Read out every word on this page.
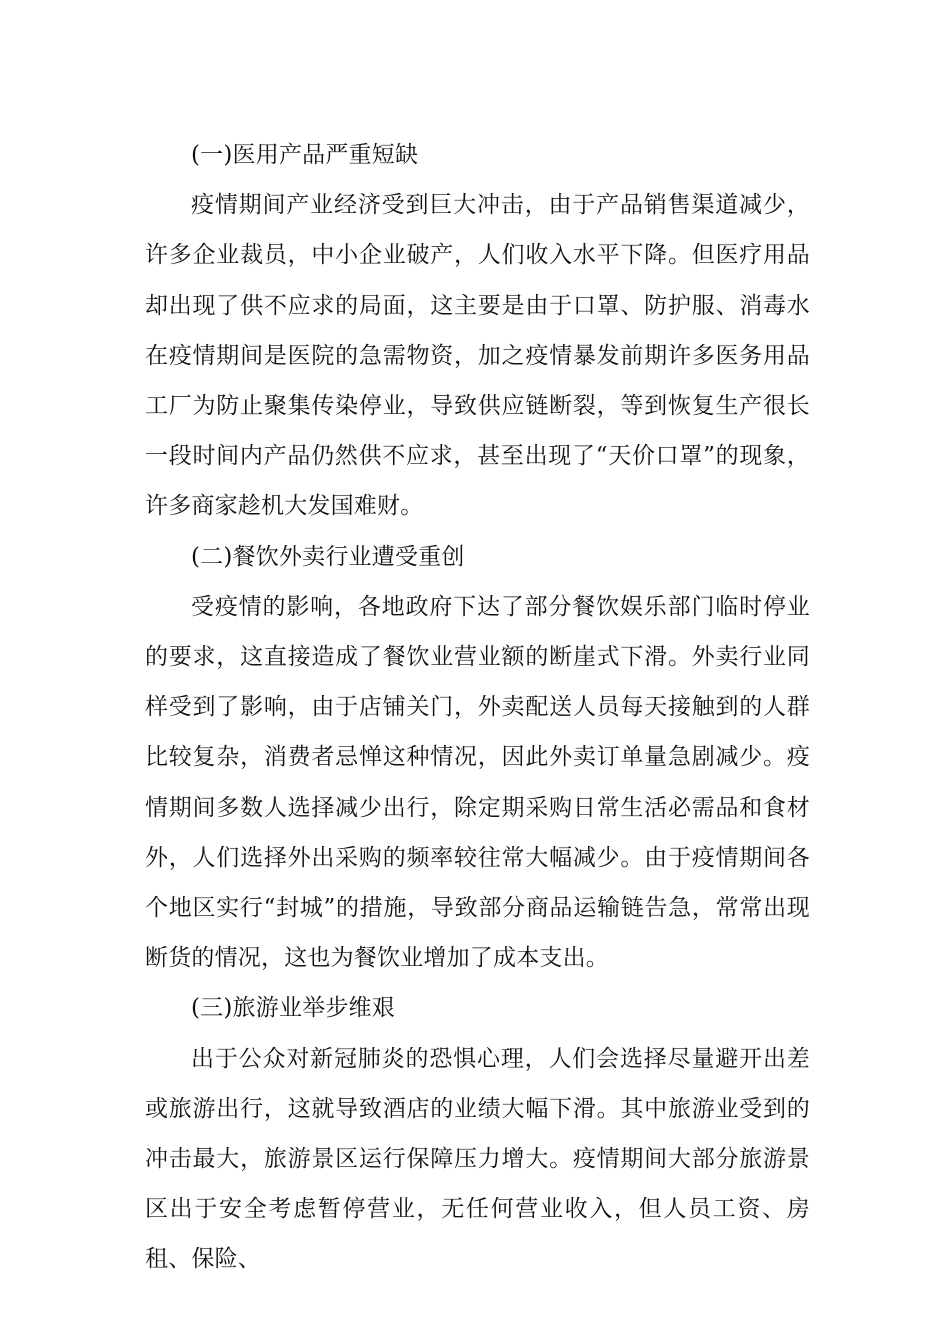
(一)医用产品严重短缺

疫情期间产业经济受到巨大冲击，由于产品销售渠道减少，许多企业裁员，中小企业破产，人们收入水平下降。但医疗用品却出现了供不应求的局面，这主要是由于口罩、防护服、消毒水在疫情期间是医院的急需物资，加之疫情暴发前期许多医务用品工厂为防止聚集传染停业，导致供应链断裂，等到恢复生产很长一段时间内产品仍然供不应求，甚至出现了“天价口罩”的现象，许多商家趁机大发国难财。

(二)餐饮外卖行业遭受重创

受疫情的影响，各地政府下达了部分餐饮娱乐部门临时停业的要求，这直接造成了餐饮业营业额的断崖式下滑。外卖行业同样受到了影响，由于店铺关门，外卖配送人员每天接触到的人群比较复杂，消费者忌惮这种情况，因此外卖订单量急剧减少。疫情期间多数人选择减少出行，除定期采购日常生活必需品和食材外，人们选择外出采购的频率较往常大幅减少。由于疫情期间各个地区实行“封城”的措施，导致部分商品运输链告急，常常出现断货的情况，这也为餐饮业增加了成本支出。

(三)旅游业举步维艰

出于公众对新冠肺炎的恐惧心理，人们会选择尽量避开出差或旅游出行，这就导致酒店的业绩大幅下滑。其中旅游业受到的冲击最大，旅游景区运行保障压力增大。疫情期间大部分旅游景区出于安全考虑暂停营业，无任何营业收入，但人员工资、房租、保险、
